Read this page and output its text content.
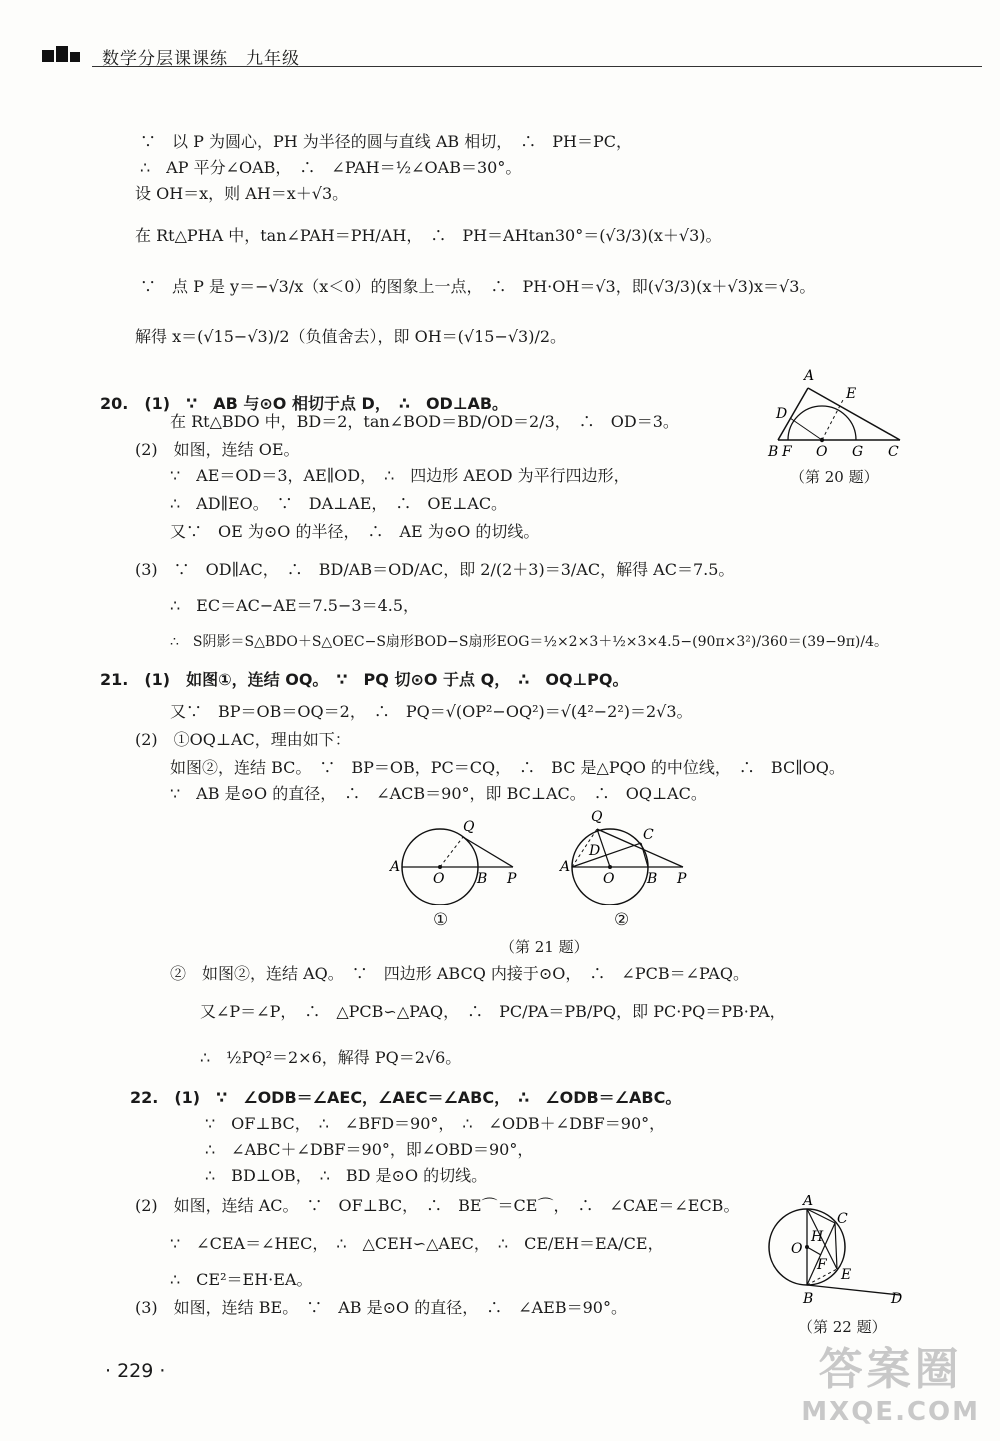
数学分层课课练　九年级
∵　以 P 为圆心，PH 为半径的圆与直线 AB 相切，　∴　PH＝PC，
∴　AP 平分∠OAB，　∴　∠PAH＝½∠OAB＝30°。
设 OH＝x，则 AH＝x＋√3。
在 Rt△PHA 中，tan∠PAH＝PH/AH，　∴　PH＝AHtan30°＝(√3/3)(x＋√3)。
∵　点 P 是 y＝−√3/x（x＜0）的图象上一点，　∴　PH·OH＝√3，即(√3/3)(x＋√3)x＝√3。
解得 x＝(√15−√3)/2（负值舍去），即 OH＝(√15−√3)/2。
20.　(1)　∵　AB 与⊙O 相切于点 D，　∴　OD⊥AB。
在 Rt△BDO 中，BD＝2，tan∠BOD＝BD/OD＝2/3，　∴　OD＝3。
(2)　如图，连结 OE。
∵　AE＝OD＝3，AE∥OD，　∴　四边形 AEOD 为平行四边形，
∴　AD∥EO。　∵　DA⊥AE，　∴　OE⊥AC。
又∵　OE 为⊙O 的半径，　∴　AE 为⊙O 的切线。
(3)　∵　OD∥AC，　∴　BD/AB＝OD/AC，即 2/(2＋3)＝3/AC，解得 AC＝7.5。
∴　EC＝AC−AE＝7.5−3＝4.5，
∴　S阴影＝S△BDO＋S△OEC−S扇形BOD−S扇形EOG＝½×2×3＋½×3×4.5−(90π×3²)/360＝(39−9π)/4。
21.　(1)　如图①，连结 OQ。　∵　PQ 切⊙O 于点 Q，　∴　OQ⊥PQ。
又∵　BP＝OB＝OQ＝2，　∴　PQ＝√(OP²−OQ²)＝√(4²−2²)＝2√3。
(2)　①OQ⊥AC，理由如下：
如图②，连结 BC。　∵　BP＝OB，PC＝CQ，　∴　BC 是△PQO 的中位线，　∴　BC∥OQ。
∵　AB 是⊙O 的直径，　∴　∠ACB＝90°，即 BC⊥AC。　∴　OQ⊥AC。
②　如图②，连结 AQ。　∵　四边形 ABCQ 内接于⊙O，　∴　∠PCB＝∠PAQ。
又∠P＝∠P，　∴　△PCB∽△PAQ，　∴　PC/PA＝PB/PQ，即 PC·PQ＝PB·PA，
∴　½PQ²＝2×6，解得 PQ＝2√6。
22.　(1)　∵　∠ODB＝∠AEC，∠AEC＝∠ABC，　∴　∠ODB＝∠ABC。
∵　OF⊥BC，　∴　∠BFD＝90°，　∴　∠ODB＋∠DBF＝90°，
∴　∠ABC＋∠DBF＝90°，即∠OBD＝90°，
∴　BD⊥OB，　∴　BD 是⊙O 的切线。
(2)　如图，连结 AC。　∵　OF⊥BC，　∴　BE⌒＝CE⌒，　∴　∠CAE＝∠ECB。
∵　∠CEA＝∠HEC，　∴　△CEH∽△AEC，　∴　CE/EH＝EA/CE，
∴　CE²＝EH·EA。
(3)　如图，连结 BE。　∵　AB 是⊙O 的直径，　∴　∠AEB＝90°。
A
E
D
B F O G C
（第 20 题）
Q
A
O B P
①
Q
C
D
A
O B P
②
（第 21 题）
A
C
H
O
F
E
B	D
（第 22 题）
· 229 ·	答案圈
MXQE.COM
